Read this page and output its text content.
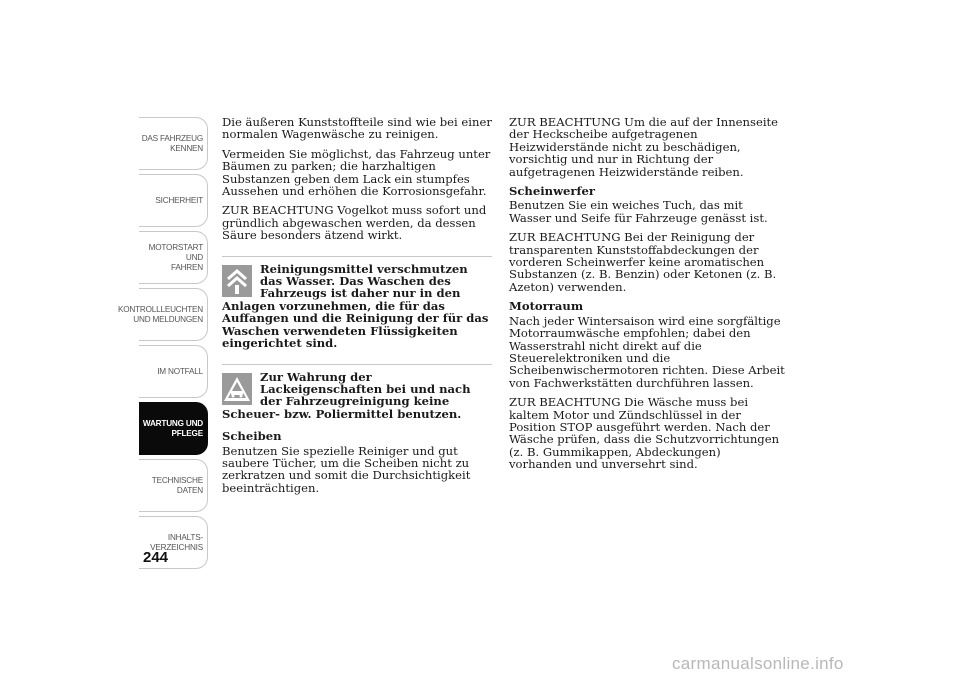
DAS FAHRZEUG
KENNEN
SICHERHEIT
MOTORSTART UND
FAHREN
KONTROLLLEUCHTEN
UND MELDUNGEN
IM NOTFALL
WARTUNG UND
PFLEGE
TECHNISCHE
DATEN
INHALTS-
VERZEICHNIS
244

Die äußeren Kunststoffteile sind wie bei einer normalen Wagenwäsche zu reinigen.

Vermeiden Sie möglichst, das Fahrzeug unter Bäumen zu parken; die harzhaltigen Substanzen geben dem Lack ein stumpfes Aussehen und erhöhen die Korrosionsgefahr.

ZUR BEACHTUNG Vogelkot muss sofort und gründlich abgewaschen werden, da dessen Säure besonders ätzend wirkt.

Reinigungsmittel verschmutzen das Wasser. Das Waschen des Fahrzeugs ist daher nur in den Anlagen vorzunehmen, die für das Auffangen und die Reinigung der für das Waschen verwendeten Flüssigkeiten eingerichtet sind.
Zur Wahrung der Lackeigenschaften bei und nach der Fahrzeugreinigung keine Scheuer- bzw. Poliermittel benutzen.
Scheiben

Benutzen Sie spezielle Reiniger und gut saubere Tücher, um die Scheiben nicht zu zerkratzen und somit die Durchsichtigkeit beeinträchtigen.

ZUR BEACHTUNG Um die auf der Innenseite der Heckscheibe aufgetragenen Heizwiderstände nicht zu beschädigen, vorsichtig und nur in Richtung der aufgetragenen Heizwiderstände reiben.

Scheinwerfer

Benutzen Sie ein weiches Tuch, das mit Wasser und Seife für Fahrzeuge genässt ist.

ZUR BEACHTUNG Bei der Reinigung der transparenten Kunststoffabdeckungen der vorderen Scheinwerfer keine aromatischen Substanzen (z. B. Benzin) oder Ketonen (z. B. Azeton) verwenden.

Motorraum

Nach jeder Wintersaison wird eine sorgfältige Motorraumwäsche empfohlen; dabei den Wasserstrahl nicht direkt auf die Steuerelektroniken und die Scheibenwischermotoren richten. Diese Arbeit von Fachwerkstätten durchführen lassen.

ZUR BEACHTUNG Die Wäsche muss bei kaltem Motor und Zündschlüssel in der Position STOP ausgeführt werden. Nach der Wäsche prüfen, dass die Schutzvorrichtungen (z. B. Gummikappen, Abdeckungen) vorhanden und unversehrt sind.

carmanualsonline.info
